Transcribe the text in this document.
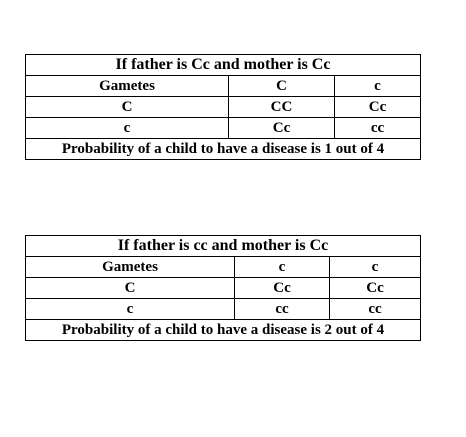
If father is Cc and mother is Cc		
Gametes	C	c
C	CC	Cc
c	Cc	cc
Probability of a child to have a disease is 1 out of 4		
If father is cc and mother is Cc		
Gametes	c	c
C	Cc	Cc
c	cc	cc
Probability of a child to have a disease is 2 out of 4		
